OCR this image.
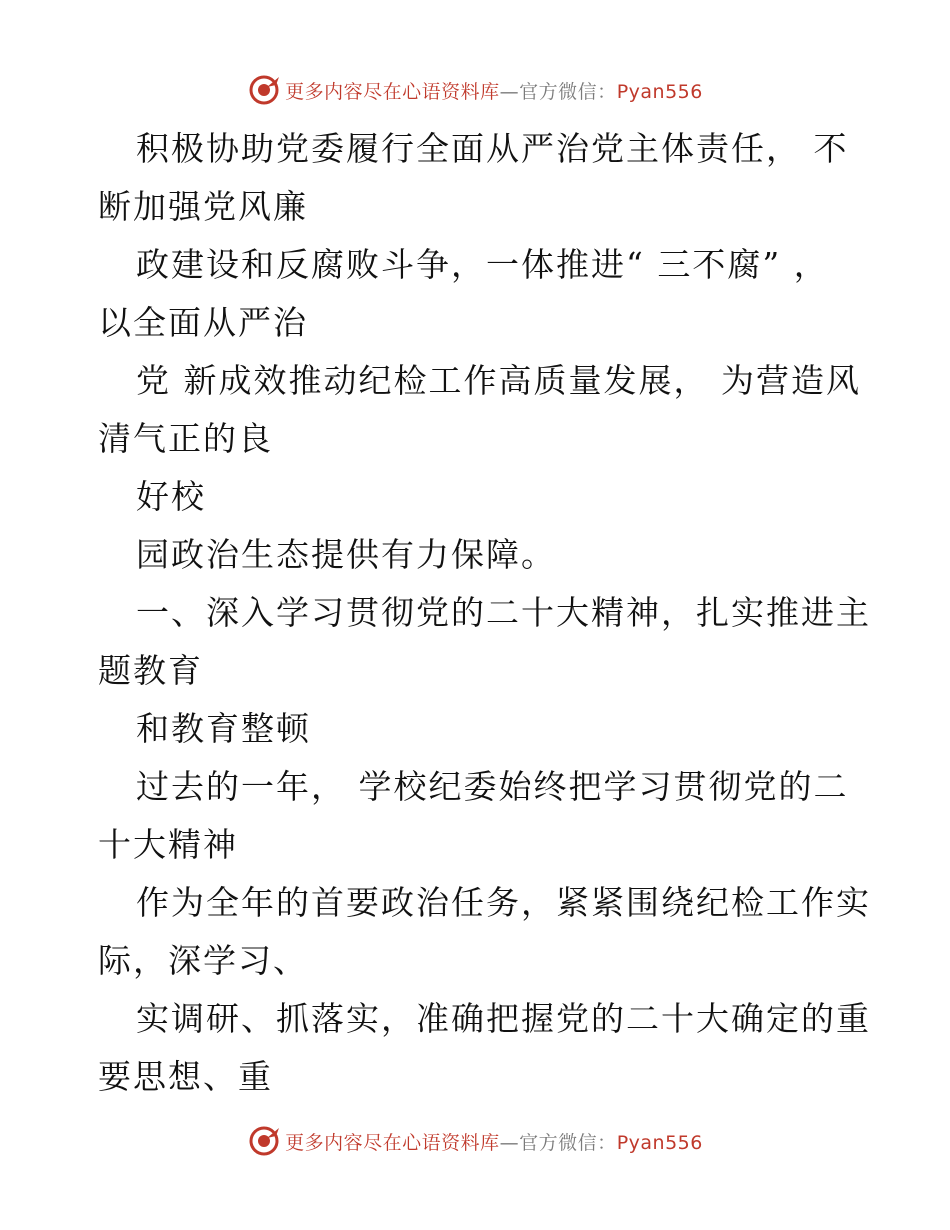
更多内容尽在心语资料库—官方微信：Pyan556
积极协助党委履行全面从严治党主体责任， 不
断加强党风廉
政建设和反腐败斗争，一体推进“ 三不腐” ，
以全面从严治
党 新成效推动纪检工作高质量发展， 为营造风
清气正的良
好校
园政治生态提供有力保障。
一、深入学习贯彻党的二十大精神，扎实推进主
题教育
和教育整顿
过去的一年， 学校纪委始终把学习贯彻党的二
十大精神
作为全年的首要政治任务，紧紧围绕纪检工作实
际，深学习、
实调研、抓落实，准确把握党的二十大确定的重
要思想、重
更多内容尽在心语资料库—官方微信：Pyan556
